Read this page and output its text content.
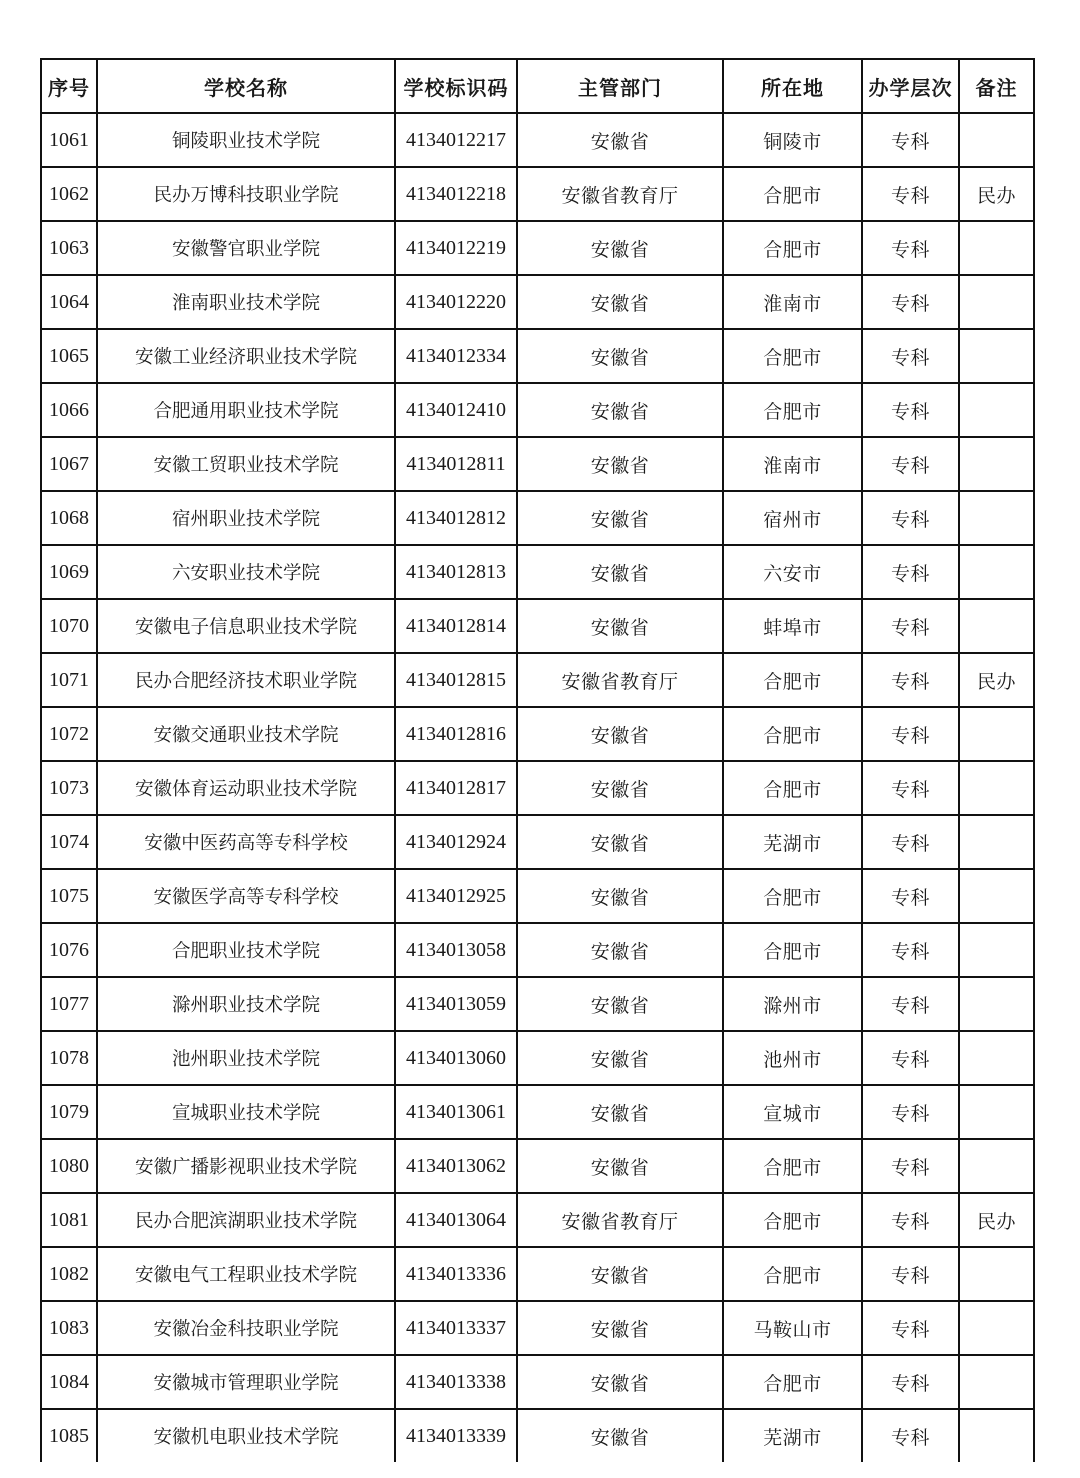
序号	学校名称	学校标识码	主管部门	所在地	办学层次	备注
1061	铜陵职业技术学院	4134012217	安徽省	铜陵市	专科	
1062	民办万博科技职业学院	4134012218	安徽省教育厅	合肥市	专科	民办
1063	安徽警官职业学院	4134012219	安徽省	合肥市	专科	
1064	淮南职业技术学院	4134012220	安徽省	淮南市	专科	
1065	安徽工业经济职业技术学院	4134012334	安徽省	合肥市	专科	
1066	合肥通用职业技术学院	4134012410	安徽省	合肥市	专科	
1067	安徽工贸职业技术学院	4134012811	安徽省	淮南市	专科	
1068	宿州职业技术学院	4134012812	安徽省	宿州市	专科	
1069	六安职业技术学院	4134012813	安徽省	六安市	专科	
1070	安徽电子信息职业技术学院	4134012814	安徽省	蚌埠市	专科	
1071	民办合肥经济技术职业学院	4134012815	安徽省教育厅	合肥市	专科	民办
1072	安徽交通职业技术学院	4134012816	安徽省	合肥市	专科	
1073	安徽体育运动职业技术学院	4134012817	安徽省	合肥市	专科	
1074	安徽中医药高等专科学校	4134012924	安徽省	芜湖市	专科	
1075	安徽医学高等专科学校	4134012925	安徽省	合肥市	专科	
1076	合肥职业技术学院	4134013058	安徽省	合肥市	专科	
1077	滁州职业技术学院	4134013059	安徽省	滁州市	专科	
1078	池州职业技术学院	4134013060	安徽省	池州市	专科	
1079	宣城职业技术学院	4134013061	安徽省	宣城市	专科	
1080	安徽广播影视职业技术学院	4134013062	安徽省	合肥市	专科	
1081	民办合肥滨湖职业技术学院	4134013064	安徽省教育厅	合肥市	专科	民办
1082	安徽电气工程职业技术学院	4134013336	安徽省	合肥市	专科	
1083	安徽冶金科技职业学院	4134013337	安徽省	马鞍山市	专科	
1084	安徽城市管理职业学院	4134013338	安徽省	合肥市	专科	
1085	安徽机电职业技术学院	4134013339	安徽省	芜湖市	专科	
